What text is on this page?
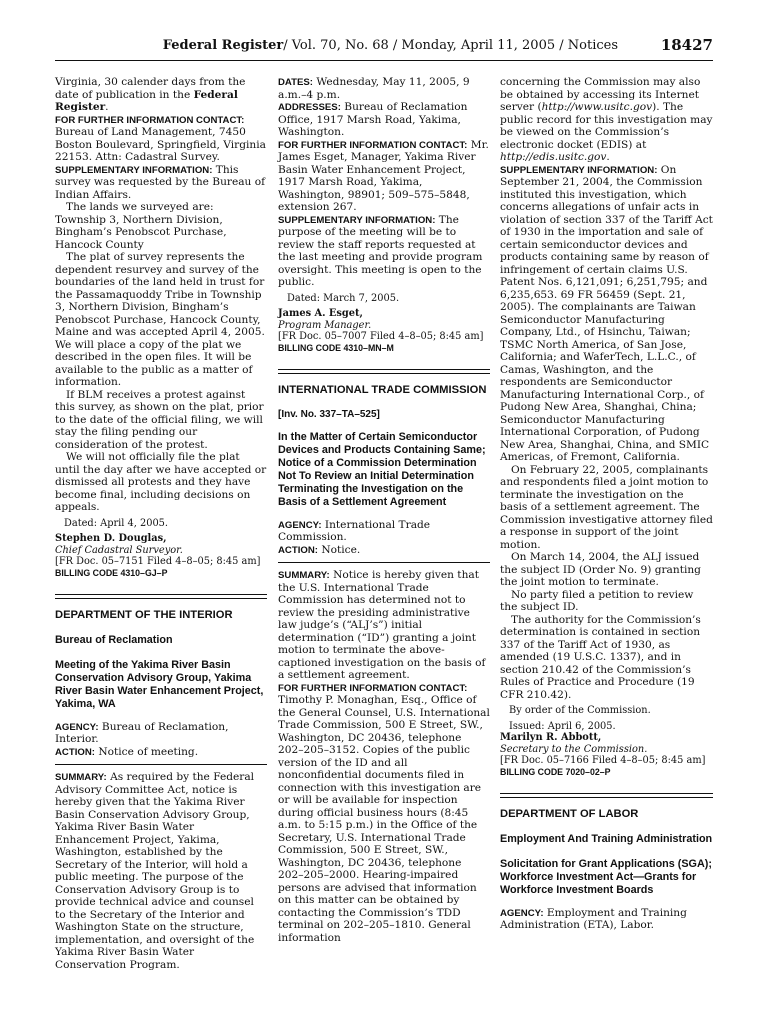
Federal Register/ Vol. 70, No. 68 / Monday, April 11, 2005 / Notices	18427

Virginia, 30 calender days from the date of publication in the Federal Register.

FOR FURTHER INFORMATION CONTACT: Bureau of Land Management, 7450 Boston Boulevard, Springfield, Virginia 22153. Attn: Cadastral Survey.

SUPPLEMENTARY INFORMATION: This survey was requested by the Bureau of Indian Affairs.

The lands we surveyed are: Township 3, Northern Division, Bingham’s Penobscot Purchase, Hancock County

The plat of survey represents the dependent resurvey and survey of the boundaries of the land held in trust for the Passamaquoddy Tribe in Township 3, Northern Division, Bingham’s Penobscot Purchase, Hancock County, Maine and was accepted April 4, 2005. We will place a copy of the plat we described in the open files. It will be available to the public as a matter of information.

If BLM receives a protest against this survey, as shown on the plat, prior to the date of the official filing, we will stay the filing pending our consideration of the protest.

We will not officially file the plat until the day after we have accepted or dismissed all protests and they have become final, including decisions on appeals.

Dated: April 4, 2005.

Stephen D. Douglas,

Chief Cadastral Surveyor.

[FR Doc. 05–7151 Filed 4–8–05; 8:45 am]

BILLING CODE 4310–GJ–P

DEPARTMENT OF THE INTERIOR

Bureau of Reclamation

Meeting of the Yakima River Basin Conservation Advisory Group, Yakima River Basin Water Enhancement Project, Yakima, WA

AGENCY: Bureau of Reclamation, Interior.

ACTION: Notice of meeting.

SUMMARY: As required by the Federal Advisory Committee Act, notice is hereby given that the Yakima River Basin Conservation Advisory Group, Yakima River Basin Water Enhancement Project, Yakima, Washington, established by the Secretary of the Interior, will hold a public meeting. The purpose of the Conservation Advisory Group is to provide technical advice and counsel to the Secretary of the Interior and Washington State on the structure, implementation, and oversight of the Yakima River Basin Water Conservation Program.

DATES: Wednesday, May 11, 2005, 9 a.m.–4 p.m.

ADDRESSES: Bureau of Reclamation Office, 1917 Marsh Road, Yakima, Washington.

FOR FURTHER INFORMATION CONTACT: Mr. James Esget, Manager, Yakima River Basin Water Enhancement Project, 1917 Marsh Road, Yakima, Washington, 98901; 509–575–5848, extension 267.

SUPPLEMENTARY INFORMATION: The purpose of the meeting will be to review the staff reports requested at the last meeting and provide program oversight. This meeting is open to the public.

Dated: March 7, 2005.

James A. Esget,

Program Manager.

[FR Doc. 05–7007 Filed 4–8–05; 8:45 am]

BILLING CODE 4310–MN–M

INTERNATIONAL TRADE COMMISSION

[Inv. No. 337–TA–525]

In the Matter of Certain Semiconductor Devices and Products Containing Same; Notice of a Commission Determination Not To Review an Initial Determination Terminating the Investigation on the Basis of a Settlement Agreement

AGENCY: International Trade Commission.

ACTION: Notice.

SUMMARY: Notice is hereby given that the U.S. International Trade Commission has determined not to review the presiding administrative law judge’s (“ALJ’s”) initial determination (“ID”) granting a joint motion to terminate the above-captioned investigation on the basis of a settlement agreement.

FOR FURTHER INFORMATION CONTACT: Timothy P. Monaghan, Esq., Office of the General Counsel, U.S. International Trade Commission, 500 E Street, SW., Washington, DC 20436, telephone 202–205–3152. Copies of the public version of the ID and all nonconfidential documents filed in connection with this investigation are or will be available for inspection during official business hours (8:45 a.m. to 5:15 p.m.) in the Office of the Secretary, U.S. International Trade Commission, 500 E Street, SW., Washington, DC 20436, telephone 202–205–2000. Hearing-impaired persons are advised that information on this matter can be obtained by contacting the Commission’s TDD terminal on 202–205–1810. General information

concerning the Commission may also be obtained by accessing its Internet server (http://www.usitc.gov). The public record for this investigation may be viewed on the Commission’s electronic docket (EDIS) at http://edis.usitc.gov.

SUPPLEMENTARY INFORMATION: On September 21, 2004, the Commission instituted this investigation, which concerns allegations of unfair acts in violation of section 337 of the Tariff Act of 1930 in the importation and sale of certain semiconductor devices and products containing same by reason of infringement of certain claims U.S. Patent Nos. 6,121,091; 6,251,795; and 6,235,653. 69 FR 56459 (Sept. 21, 2005). The complainants are Taiwan Semiconductor Manufacturing Company, Ltd., of Hsinchu, Taiwan; TSMC North America, of San Jose, California; and WaferTech, L.L.C., of Camas, Washington, and the respondents are Semiconductor Manufacturing International Corp., of Pudong New Area, Shanghai, China; Semiconductor Manufacturing International Corporation, of Pudong New Area, Shanghai, China, and SMIC Americas, of Fremont, California.

On February 22, 2005, complainants and respondents filed a joint motion to terminate the investigation on the basis of a settlement agreement. The Commission investigative attorney filed a response in support of the joint motion.

On March 14, 2004, the ALJ issued the subject ID (Order No. 9) granting the joint motion to terminate.

No party filed a petition to review the subject ID.

The authority for the Commission’s determination is contained in section 337 of the Tariff Act of 1930, as amended (19 U.S.C. 1337), and in section 210.42 of the Commission’s Rules of Practice and Procedure (19 CFR 210.42).

By order of the Commission.

Issued: April 6, 2005.

Marilyn R. Abbott,

Secretary to the Commission.

[FR Doc. 05–7166 Filed 4–8–05; 8:45 am]

BILLING CODE 7020–02–P

DEPARTMENT OF LABOR

Employment And Training Administration

Solicitation for Grant Applications (SGA); Workforce Investment Act—Grants for Workforce Investment Boards

AGENCY: Employment and Training Administration (ETA), Labor.
